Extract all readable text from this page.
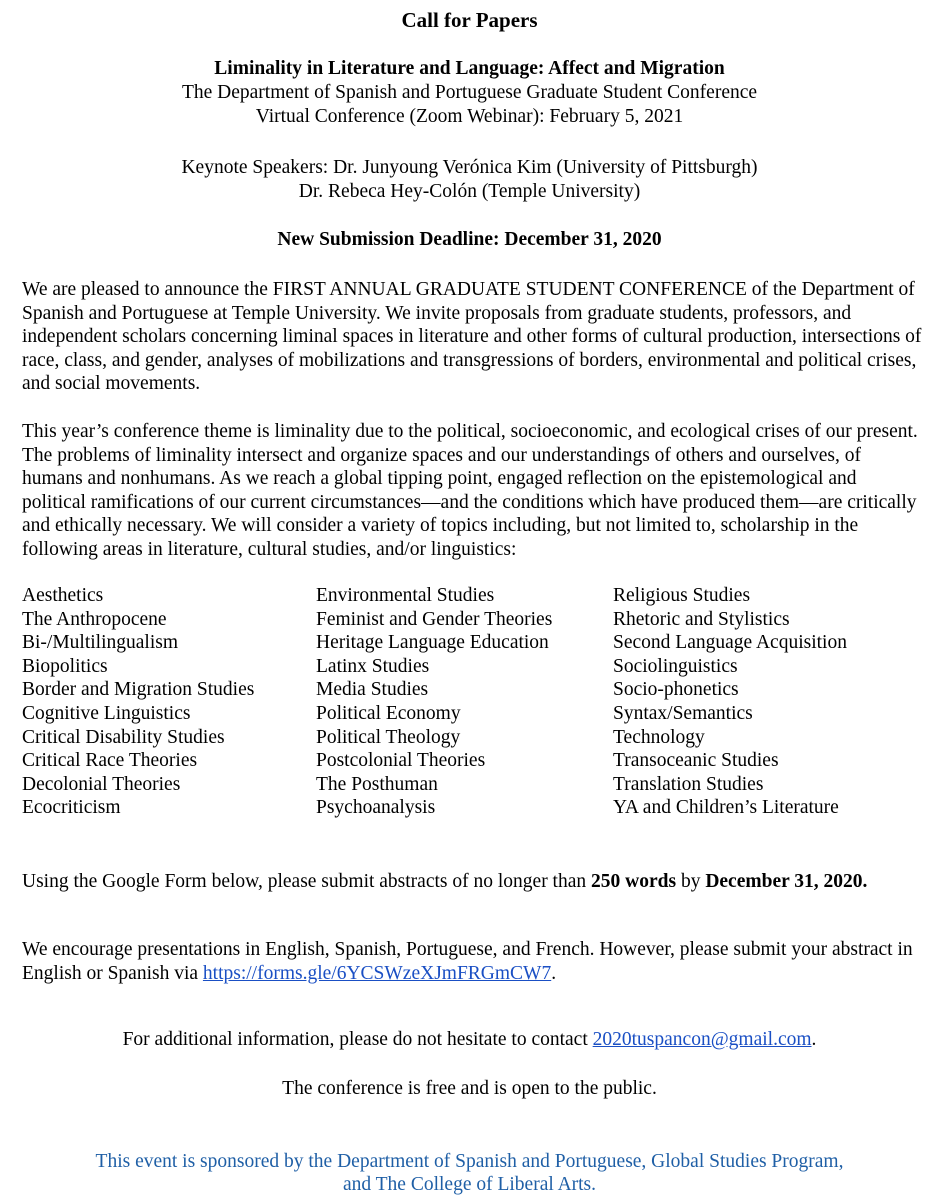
Call for Papers
Liminality in Literature and Language: Affect and Migration
The Department of Spanish and Portuguese Graduate Student Conference
Virtual Conference (Zoom Webinar): February 5, 2021
Keynote Speakers: Dr. Junyoung Verónica Kim (University of Pittsburgh)
Dr. Rebeca Hey-Colón (Temple University)
New Submission Deadline: December 31, 2020
We are pleased to announce the FIRST ANNUAL GRADUATE STUDENT CONFERENCE of the Department of Spanish and Portuguese at Temple University. We invite proposals from graduate students, professors, and independent scholars concerning liminal spaces in literature and other forms of cultural production, intersections of race, class, and gender, analyses of mobilizations and transgressions of borders, environmental and political crises, and social movements.
This year’s conference theme is liminality due to the political, socioeconomic, and ecological crises of our present. The problems of liminality intersect and organize spaces and our understandings of others and ourselves, of humans and nonhumans. As we reach a global tipping point, engaged reflection on the epistemological and political ramifications of our current circumstances—and the conditions which have produced them—are critically and ethically necessary. We will consider a variety of topics including, but not limited to, scholarship in the following areas in literature, cultural studies, and/or linguistics:
Aesthetics
The Anthropocene
Bi-/Multilingualism
Biopolitics
Border and Migration Studies
Cognitive Linguistics
Critical Disability Studies
Critical Race Theories
Decolonial Theories
Ecocriticism
Environmental Studies
Feminist and Gender Theories
Heritage Language Education
Latinx Studies
Media Studies
Political Economy
Political Theology
Postcolonial Theories
The Posthuman
Psychoanalysis
Religious Studies
Rhetoric and Stylistics
Second Language Acquisition
Sociolinguistics
Socio-phonetics
Syntax/Semantics
Technology
Transoceanic Studies
Translation Studies
YA and Children’s Literature
Using the Google Form below, please submit abstracts of no longer than 250 words by December 31, 2020.
We encourage presentations in English, Spanish, Portuguese, and French. However, please submit your abstract in English or Spanish via https://forms.gle/6YCSWzeXJmFRGmCW7.
For additional information, please do not hesitate to contact 2020tuspancon@gmail.com.
The conference is free and is open to the public.
This event is sponsored by the Department of Spanish and Portuguese, Global Studies Program,
and The College of Liberal Arts.
